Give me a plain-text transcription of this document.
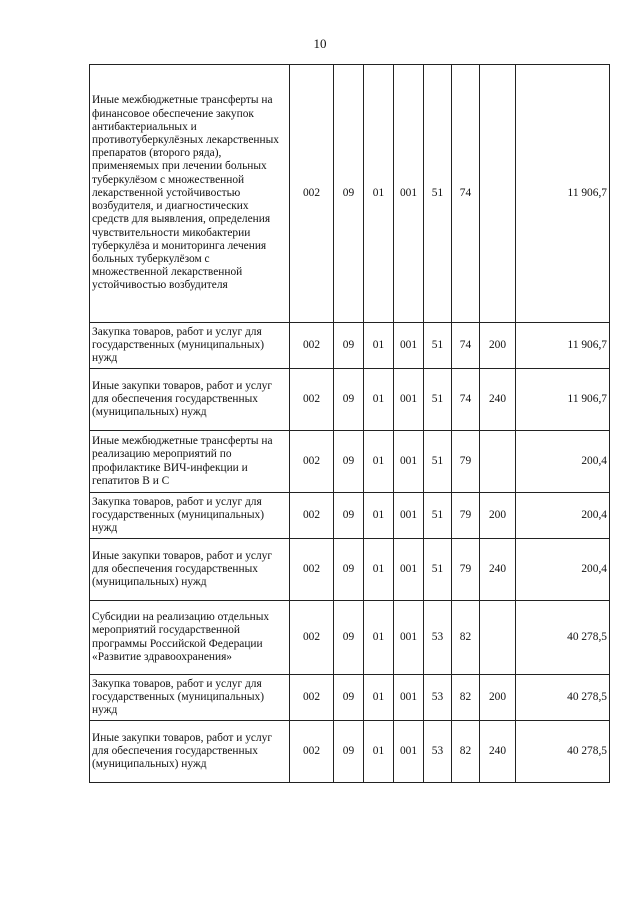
10
Иные межбюджетные трансферты на финансовое обеспечение закупок антибактериальных и противотуберкулёзных лекарственных препаратов (второго ряда), применяемых при лечении больных туберкулёзом с множественной лекарственной устойчивостью возбудителя, и диагностических средств для выявления, определения чувствительности микобактерии туберкулёза и мониторинга лечения больных туберкулёзом с множественной лекарственной устойчивостью возбудителя	002	09	01	001	51	74		11 906,7
Закупка товаров, работ и услуг для государственных (муниципальных) нужд	002	09	01	001	51	74	200	11 906,7
Иные закупки товаров, работ и услуг для обеспечения государственных (муниципальных) нужд	002	09	01	001	51	74	240	11 906,7
Иные межбюджетные трансферты на реализацию мероприятий по профилактике ВИЧ-инфекции и гепатитов B и C	002	09	01	001	51	79		200,4
Закупка товаров, работ и услуг для государственных (муниципальных) нужд	002	09	01	001	51	79	200	200,4
Иные закупки товаров, работ и услуг для обеспечения государственных (муниципальных) нужд	002	09	01	001	51	79	240	200,4
Субсидии на реализацию отдельных мероприятий государственной программы Российской Федерации «Развитие здравоохранения»	002	09	01	001	53	82		40 278,5
Закупка товаров, работ и услуг для государственных (муниципальных) нужд	002	09	01	001	53	82	200	40 278,5
Иные закупки товаров, работ и услуг для обеспечения государственных (муниципальных) нужд	002	09	01	001	53	82	240	40 278,5
